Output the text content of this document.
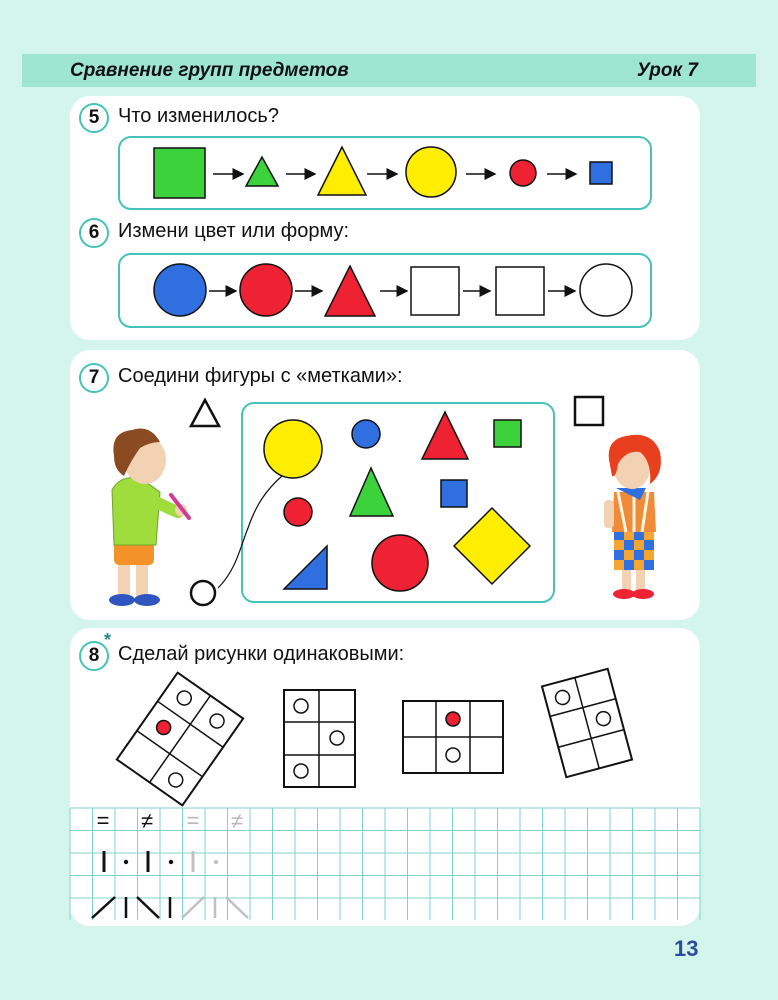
Сравнение групп предметов	Урок 7
5 Что изменилось?
6 Измени цвет или форму:
7 Соедини фигуры с «метками»:
8
*
Сделай рисунки одинаковыми:
= ≠ = ≠
13
